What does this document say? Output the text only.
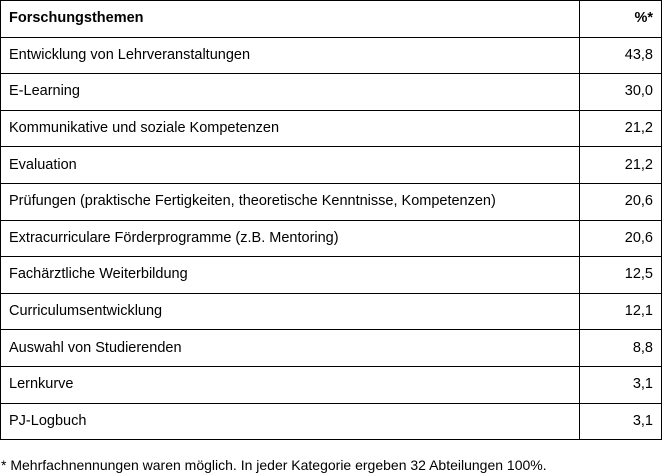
Forschungsthemen	%*
Entwicklung von Lehrveranstaltungen	43,8
E-Learning	30,0
Kommunikative und soziale Kompetenzen	21,2
Evaluation	21,2
Prüfungen (praktische Fertigkeiten, theoretische Kenntnisse, Kompetenzen)	20,6
Extracurriculare Förderprogramme (z.B. Mentoring)	20,6
Fachärztliche Weiterbildung	12,5
Curriculumsentwicklung	12,1
Auswahl von Studierenden	8,8
Lernkurve	3,1
PJ-Logbuch	3,1
* Mehrfachnennungen waren möglich. In jeder Kategorie ergeben 32 Abteilungen 100%.
